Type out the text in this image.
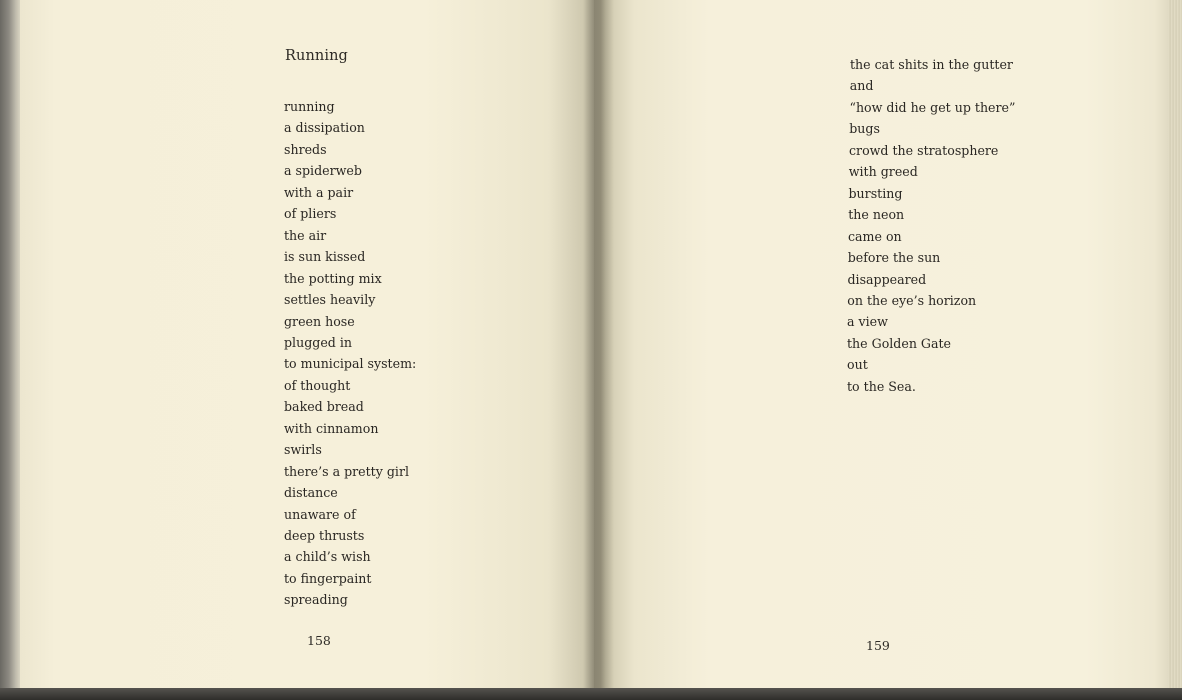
Running
running
a dissipation
shreds
a spiderweb
with a pair
of pliers
the air
is sun kissed
the potting mix
settles heavily
green hose
plugged in
to municipal system:
of thought
baked bread
with cinnamon
swirls
there’s a pretty girl
distance
unaware of
deep thrusts
a child’s wish
to fingerpaint
spreading
158
the cat shits in the gutter
and
“how did he get up there”
bugs
crowd the stratosphere
with greed
bursting
the neon
came on
before the sun
disappeared
on the eye’s horizon
a view
the Golden Gate
out
to the Sea.
159
